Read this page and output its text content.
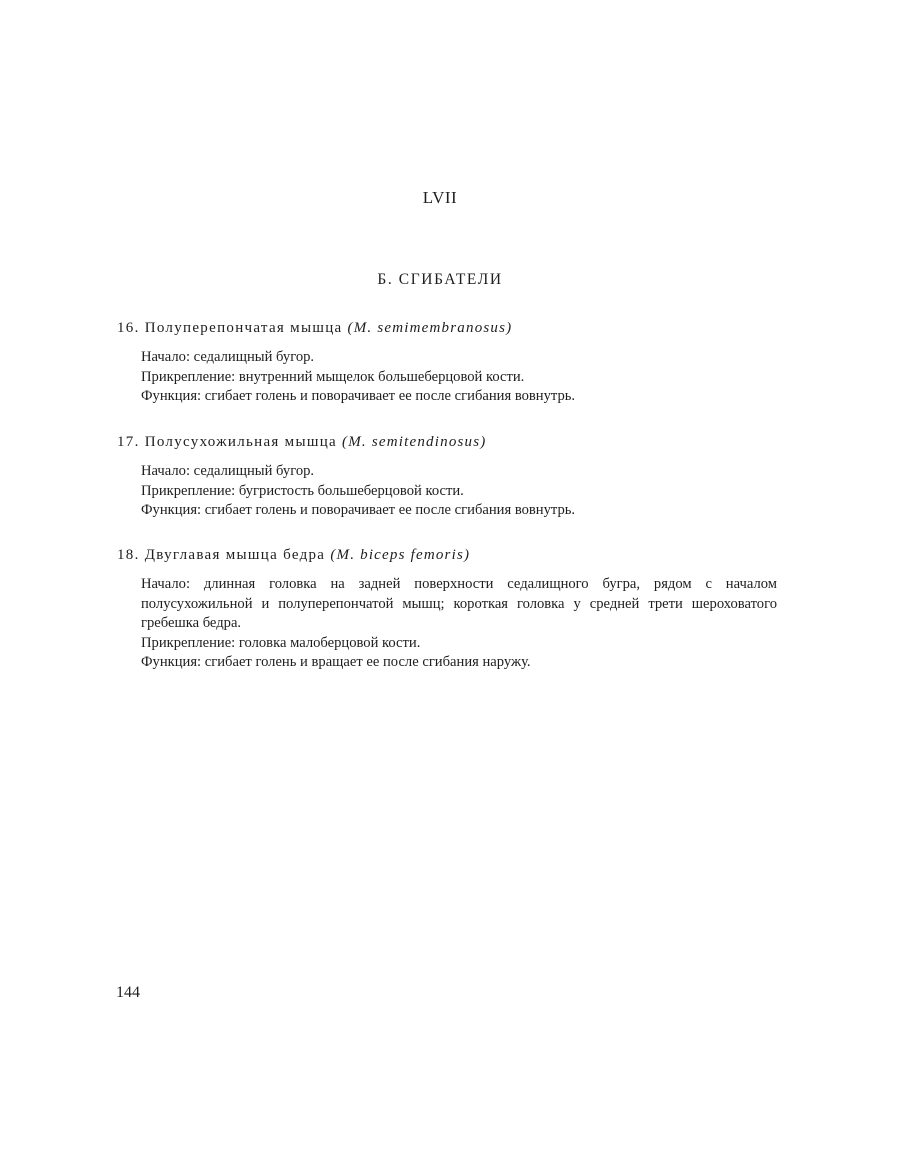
LVII
Б. СГИБАТЕЛИ
16. Полуперепончатая мышца (M. semimembranosus)

Начало: седалищный бугор.

Прикрепление: внутренний мыщелок большеберцовой кости.

Функция: сгибает голень и поворачивает ее после сгибания вовнутрь.

17. Полусухожильная мышца (M. semitendinosus)

Начало: седалищный бугор.

Прикрепление: бугристость большеберцовой кости.

Функция: сгибает голень и поворачивает ее после сгибания вовнутрь.

18. Двуглавая мышца бедра (M. biceps femoris)

Начало: длинная головка на задней поверхности седалищного бугра, рядом с началом полусухожильной и полуперепончатой мышц; короткая головка у средней трети шероховатого гребешка бедра.

Прикрепление: головка малоберцовой кости.

Функция: сгибает голень и вращает ее после сгибания наружу.

144
